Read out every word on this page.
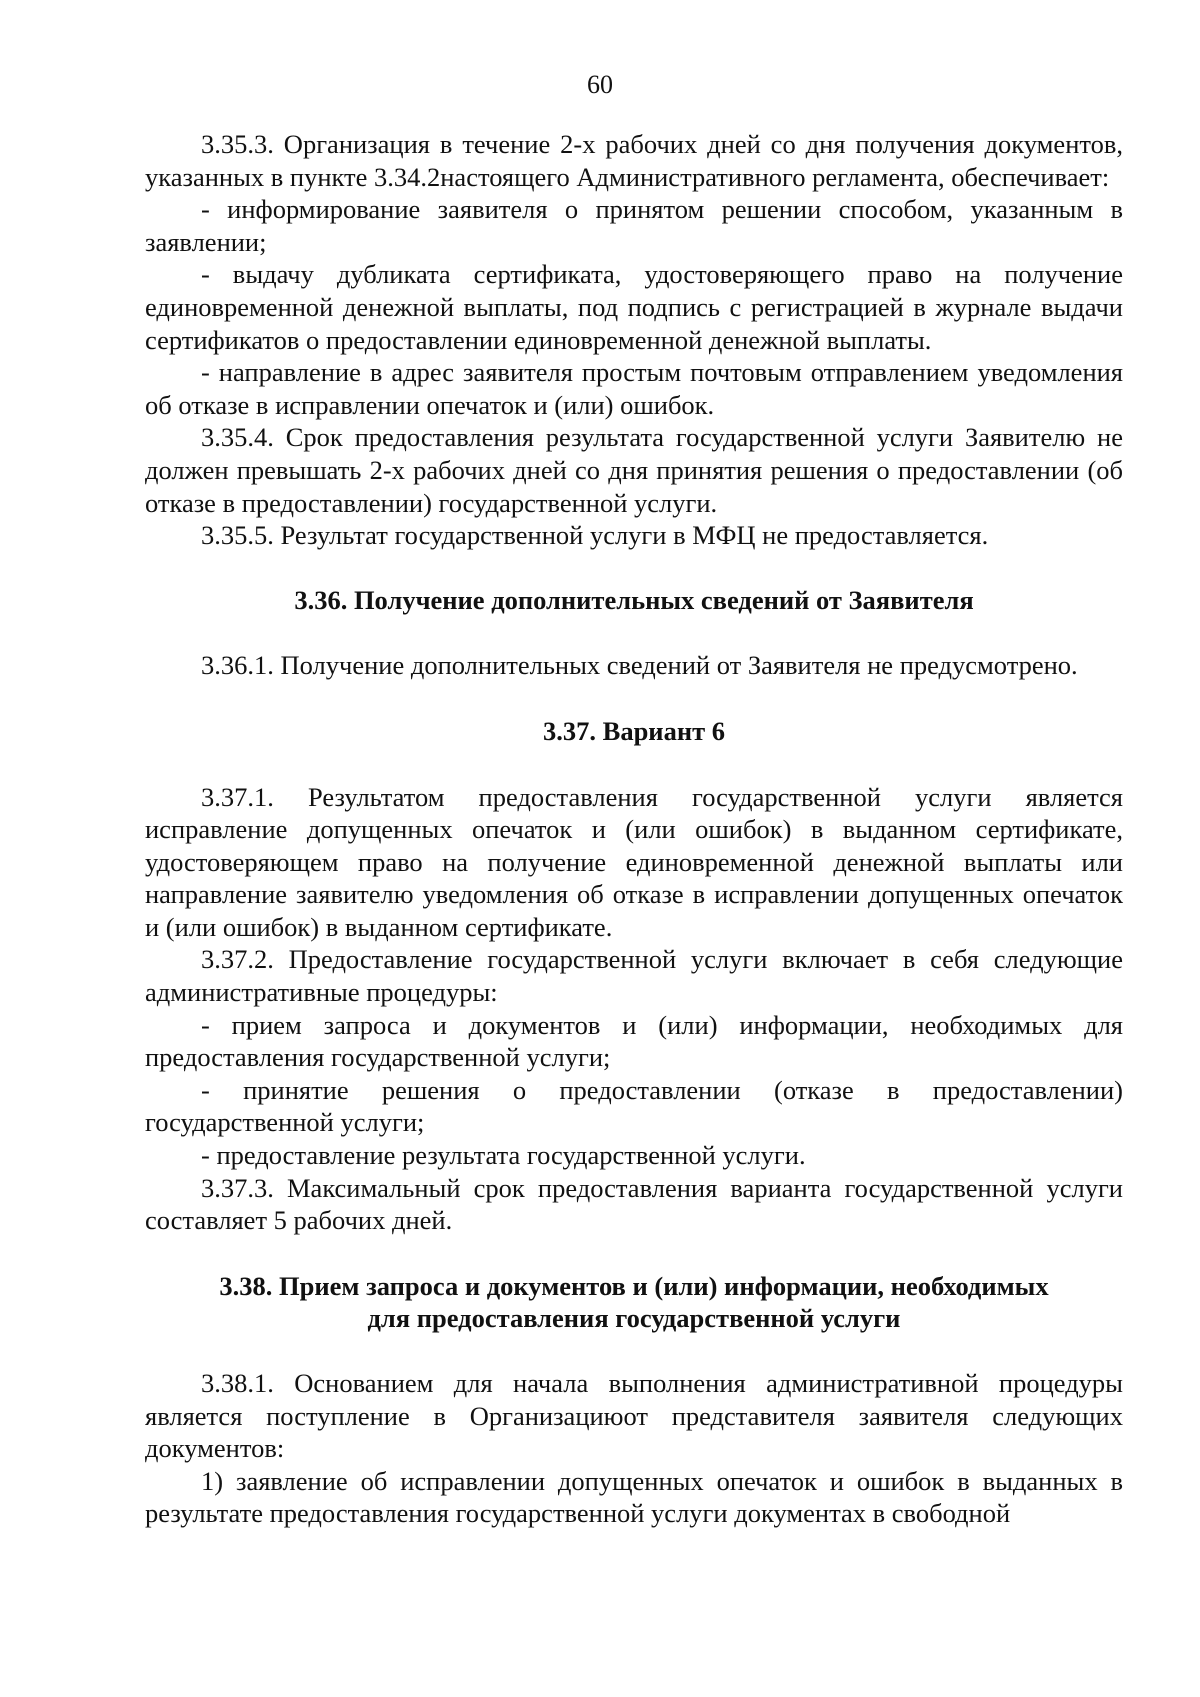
60

3.35.3. Организация в течение 2-х рабочих дней со дня получения документов, указанных в пункте 3.34.2настоящего Административного регламента, обеспечивает:

- информирование заявителя о принятом решении способом, указанным в заявлении;

- выдачу дубликата сертификата, удостоверяющего право на получение единовременной денежной выплаты, под подпись с регистрацией в журнале выдачи сертификатов о предоставлении единовременной денежной выплаты.

- направление в адрес заявителя простым почтовым отправлением уведомления об отказе в исправлении опечаток и (или) ошибок.

3.35.4. Срок предоставления результата государственной услуги Заявителю не должен превышать 2-х рабочих дней со дня принятия решения о предоставлении (об отказе в предоставлении) государственной услуги.

3.35.5. Результат государственной услуги в МФЦ не предоставляется.

3.36. Получение дополнительных сведений от Заявителя

3.36.1. Получение дополнительных сведений от Заявителя не предусмотрено.

3.37. Вариант 6

3.37.1. Результатом предоставления государственной услуги является исправление допущенных опечаток и (или ошибок) в выданном сертификате, удостоверяющем право на получение единовременной денежной выплаты или направление заявителю уведомления об отказе в исправлении допущенных опечаток и (или ошибок) в выданном сертификате.

3.37.2. Предоставление государственной услуги включает в себя следующие административные процедуры:

- прием запроса и документов и (или) информации, необходимых для предоставления государственной услуги;

- принятие решения о предоставлении (отказе в предоставлении) государственной услуги;

- предоставление результата государственной услуги.

3.37.3. Максимальный срок предоставления варианта государственной услуги составляет 5 рабочих дней.

3.38. Прием запроса и документов и (или) информации, необходимых
для предоставления государственной услуги

3.38.1. Основанием для начала выполнения административной процедуры является поступление в Организациюот представителя заявителя следующих документов:

1) заявление об исправлении допущенных опечаток и ошибок в выданных в результате предоставления государственной услуги документах в свободной
